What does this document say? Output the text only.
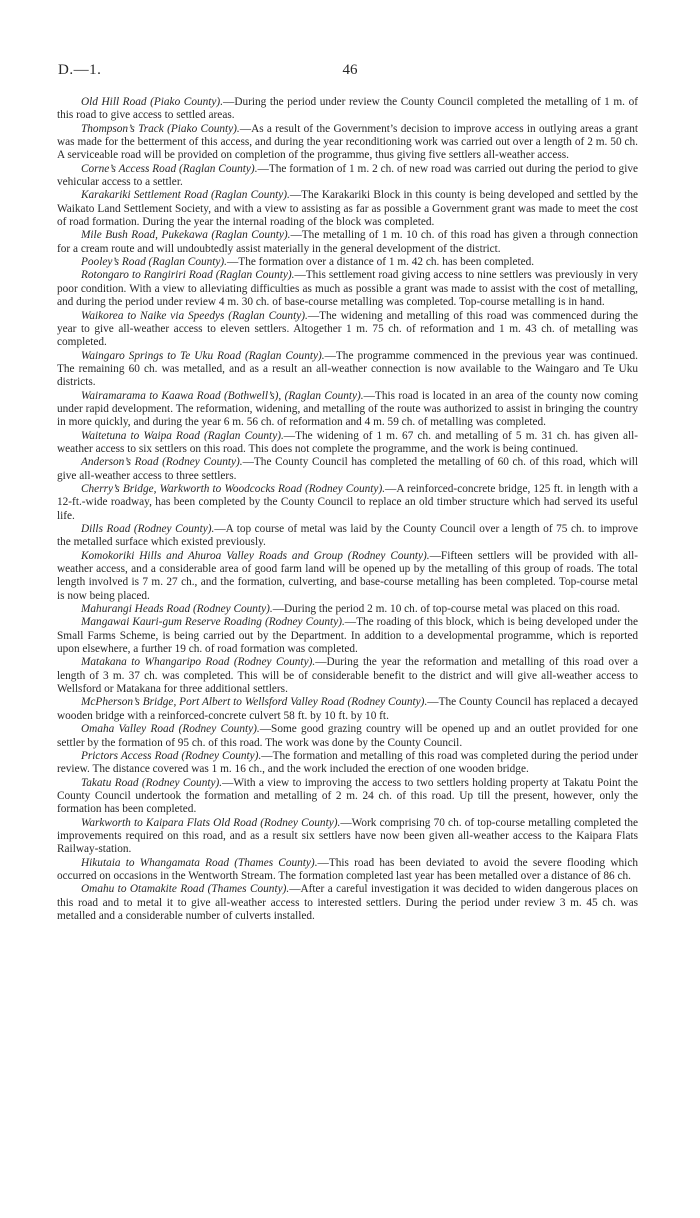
D.—1.	46

Old Hill Road (Piako County).—During the period under review the County Council completed the metalling of 1 m. of this road to give access to settled areas.

Thompson’s Track (Piako County).—As a result of the Government’s decision to improve access in outlying areas a grant was made for the betterment of this access, and during the year reconditioning work was carried out over a length of 2 m. 50 ch. A serviceable road will be provided on completion of the programme, thus giving five settlers all-weather access.

Corne’s Access Road (Raglan County).—The formation of 1 m. 2 ch. of new road was carried out during the period to give vehicular access to a settler.

Karakariki Settlement Road (Raglan County).—The Karakariki Block in this county is being developed and settled by the Waikato Land Settlement Society, and with a view to assisting as far as possible a Government grant was made to meet the cost of road formation. During the year the internal roading of the block was completed.

Mile Bush Road, Pukekawa (Raglan County).—The metalling of 1 m. 10 ch. of this road has given a through connection for a cream route and will undoubtedly assist materially in the general development of the district.

Pooley’s Road (Raglan County).—The formation over a distance of 1 m. 42 ch. has been completed.

Rotongaro to Rangiriri Road (Raglan County).—This settlement road giving access to nine settlers was previously in very poor condition. With a view to alleviating difficulties as much as possible a grant was made to assist with the cost of metalling, and during the period under review 4 m. 30 ch. of base-course metalling was completed. Top-course metalling is in hand.

Waikorea to Naike via Speedys (Raglan County).—The widening and metalling of this road was commenced during the year to give all-weather access to eleven settlers. Altogether 1 m. 75 ch. of reformation and 1 m. 43 ch. of metalling was completed.

Waingaro Springs to Te Uku Road (Raglan County).—The programme commenced in the previous year was continued. The remaining 60 ch. was metalled, and as a result an all-weather connection is now available to the Waingaro and Te Uku districts.

Wairamarama to Kaawa Road (Bothwell’s), (Raglan County).—This road is located in an area of the county now coming under rapid development. The reformation, widening, and metalling of the route was authorized to assist in bringing the country in more quickly, and during the year 6 m. 56 ch. of reformation and 4 m. 59 ch. of metalling was completed.

Waitetuna to Waipa Road (Raglan County).—The widening of 1 m. 67 ch. and metalling of 5 m. 31 ch. has given all-weather access to six settlers on this road. This does not complete the programme, and the work is being continued.

Anderson’s Road (Rodney County).—The County Council has completed the metalling of 60 ch. of this road, which will give all-weather access to three settlers.

Cherry’s Bridge, Warkworth to Woodcocks Road (Rodney County).—A reinforced-concrete bridge, 125 ft. in length with a 12-ft.-wide roadway, has been completed by the County Council to replace an old timber structure which had served its useful life.

Dills Road (Rodney County).—A top course of metal was laid by the County Council over a length of 75 ch. to improve the metalled surface which existed previously.

Komokoriki Hills and Ahuroa Valley Roads and Group (Rodney County).—Fifteen settlers will be provided with all-weather access, and a considerable area of good farm land will be opened up by the metalling of this group of roads. The total length involved is 7 m. 27 ch., and the formation, culverting, and base-course metalling has been completed. Top-course metal is now being placed.

Mahurangi Heads Road (Rodney County).—During the period 2 m. 10 ch. of top-course metal was placed on this road.

Mangawai Kauri-gum Reserve Roading (Rodney County).—The roading of this block, which is being developed under the Small Farms Scheme, is being carried out by the Department. In addition to a developmental programme, which is reported upon elsewhere, a further 19 ch. of road formation was completed.

Matakana to Whangaripo Road (Rodney County).—During the year the reformation and metalling of this road over a length of 3 m. 37 ch. was completed. This will be of considerable benefit to the district and will give all-weather access to Wellsford or Matakana for three additional settlers.

McPherson’s Bridge, Port Albert to Wellsford Valley Road (Rodney County).—The County Council has replaced a decayed wooden bridge with a reinforced-concrete culvert 58 ft. by 10 ft. by 10 ft.

Omaha Valley Road (Rodney County).—Some good grazing country will be opened up and an outlet provided for one settler by the formation of 95 ch. of this road. The work was done by the County Council.

Prictors Access Road (Rodney County).—The formation and metalling of this road was completed during the period under review. The distance covered was 1 m. 16 ch., and the work included the erection of one wooden bridge.

Takatu Road (Rodney County).—With a view to improving the access to two settlers holding property at Takatu Point the County Council undertook the formation and metalling of 2 m. 24 ch. of this road. Up till the present, however, only the formation has been completed.

Warkworth to Kaipara Flats Old Road (Rodney County).—Work comprising 70 ch. of top-course metalling completed the improvements required on this road, and as a result six settlers have now been given all-weather access to the Kaipara Flats Railway-station.

Hikutaia to Whangamata Road (Thames County).—This road has been deviated to avoid the severe flooding which occurred on occasions in the Wentworth Stream. The formation completed last year has been metalled over a distance of 86 ch.

Omahu to Otamakite Road (Thames County).—After a careful investigation it was decided to widen dangerous places on this road and to metal it to give all-weather access to interested settlers. During the period under review 3 m. 45 ch. was metalled and a considerable number of culverts installed.
